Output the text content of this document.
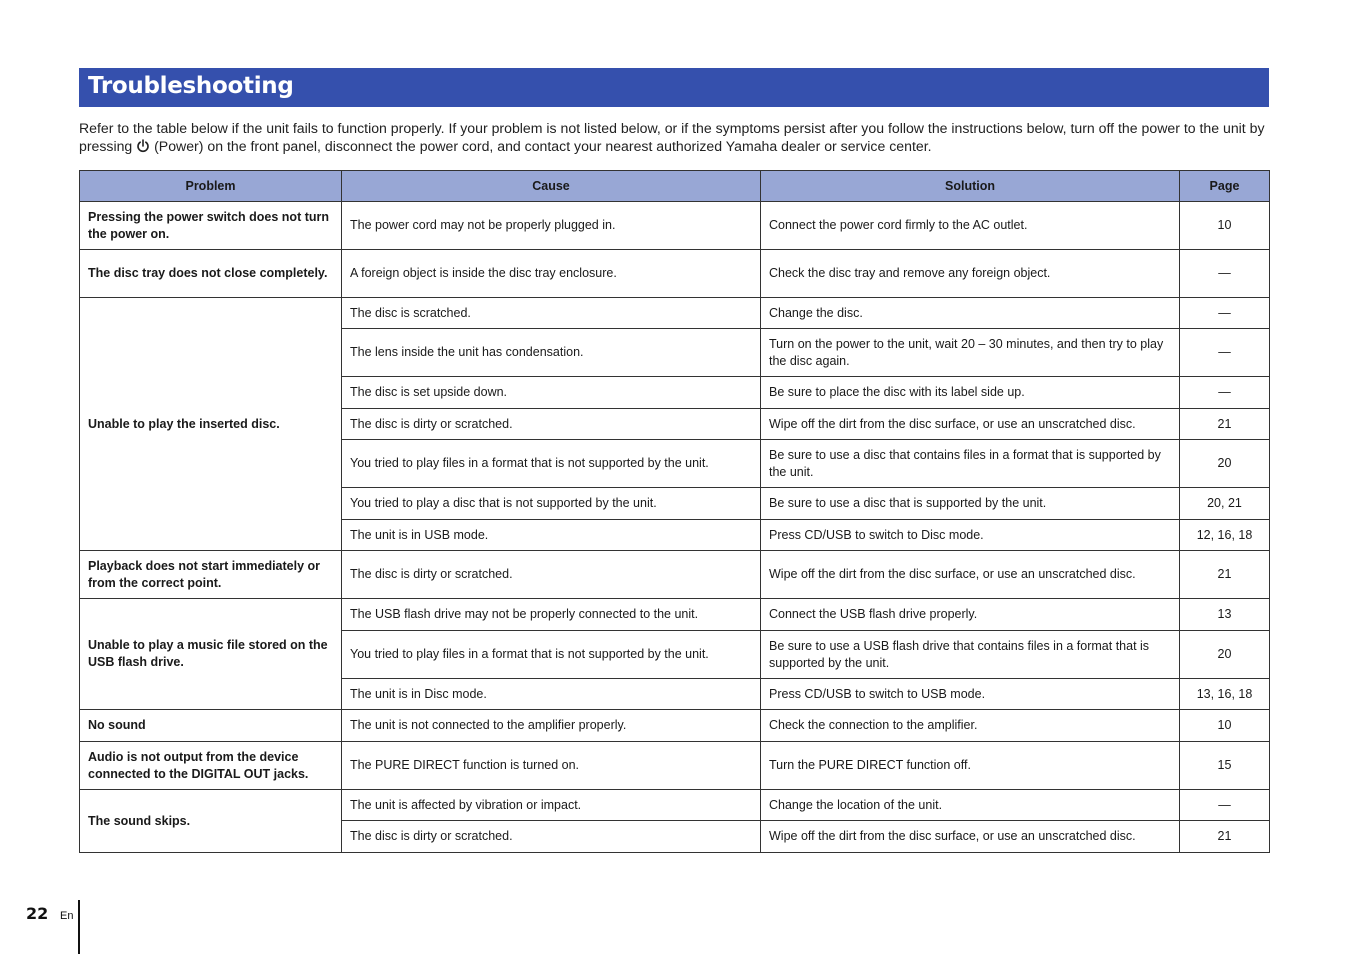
Troubleshooting

Refer to the table below if the unit fails to function properly. If your problem is not listed below, or if the symptoms persist after you follow the instructions below, turn off the power to the unit by pressing  (Power) on the front panel, disconnect the power cord, and contact your nearest authorized Yamaha dealer or service center.

Problem	Cause	Solution	Page
Pressing the power switch does not turn the power on.	The power cord may not be properly plugged in.	Connect the power cord firmly to the AC outlet.	10
The disc tray does not close completely.	A foreign object is inside the disc tray enclosure.	Check the disc tray and remove any foreign object.	—
Unable to play the inserted disc.	The disc is scratched.	Change the disc.	—
	The lens inside the unit has condensation.	Turn on the power to the unit, wait 20 – 30 minutes, and then try to play the disc again.	—
	The disc is set upside down.	Be sure to place the disc with its label side up.	—
	The disc is dirty or scratched.	Wipe off the dirt from the disc surface, or use an unscratched disc.	21
	You tried to play files in a format that is not supported by the unit.	Be sure to use a disc that contains files in a format that is supported by the unit.	20
	You tried to play a disc that is not supported by the unit.	Be sure to use a disc that is supported by the unit.	20, 21
	The unit is in USB mode.	Press CD/USB to switch to Disc mode.	12, 16, 18
Playback does not start immediately or from the correct point.	The disc is dirty or scratched.	Wipe off the dirt from the disc surface, or use an unscratched disc.	21
Unable to play a music file stored on the USB flash drive.	The USB flash drive may not be properly connected to the unit.	Connect the USB flash drive properly.	13
	You tried to play files in a format that is not supported by the unit.	Be sure to use a USB flash drive that contains files in a format that is supported by the unit.	20
	The unit is in Disc mode.	Press CD/USB to switch to USB mode.	13, 16, 18
No sound	The unit is not connected to the amplifier properly.	Check the connection to the amplifier.	10
Audio is not output from the device connected to the DIGITAL OUT jacks.	The PURE DIRECT function is turned on.	Turn the PURE DIRECT function off.	15
The sound skips.	The unit is affected by vibration or impact.	Change the location of the unit.	—
	The disc is dirty or scratched.	Wipe off the dirt from the disc surface, or use an unscratched disc.	21
22 En
